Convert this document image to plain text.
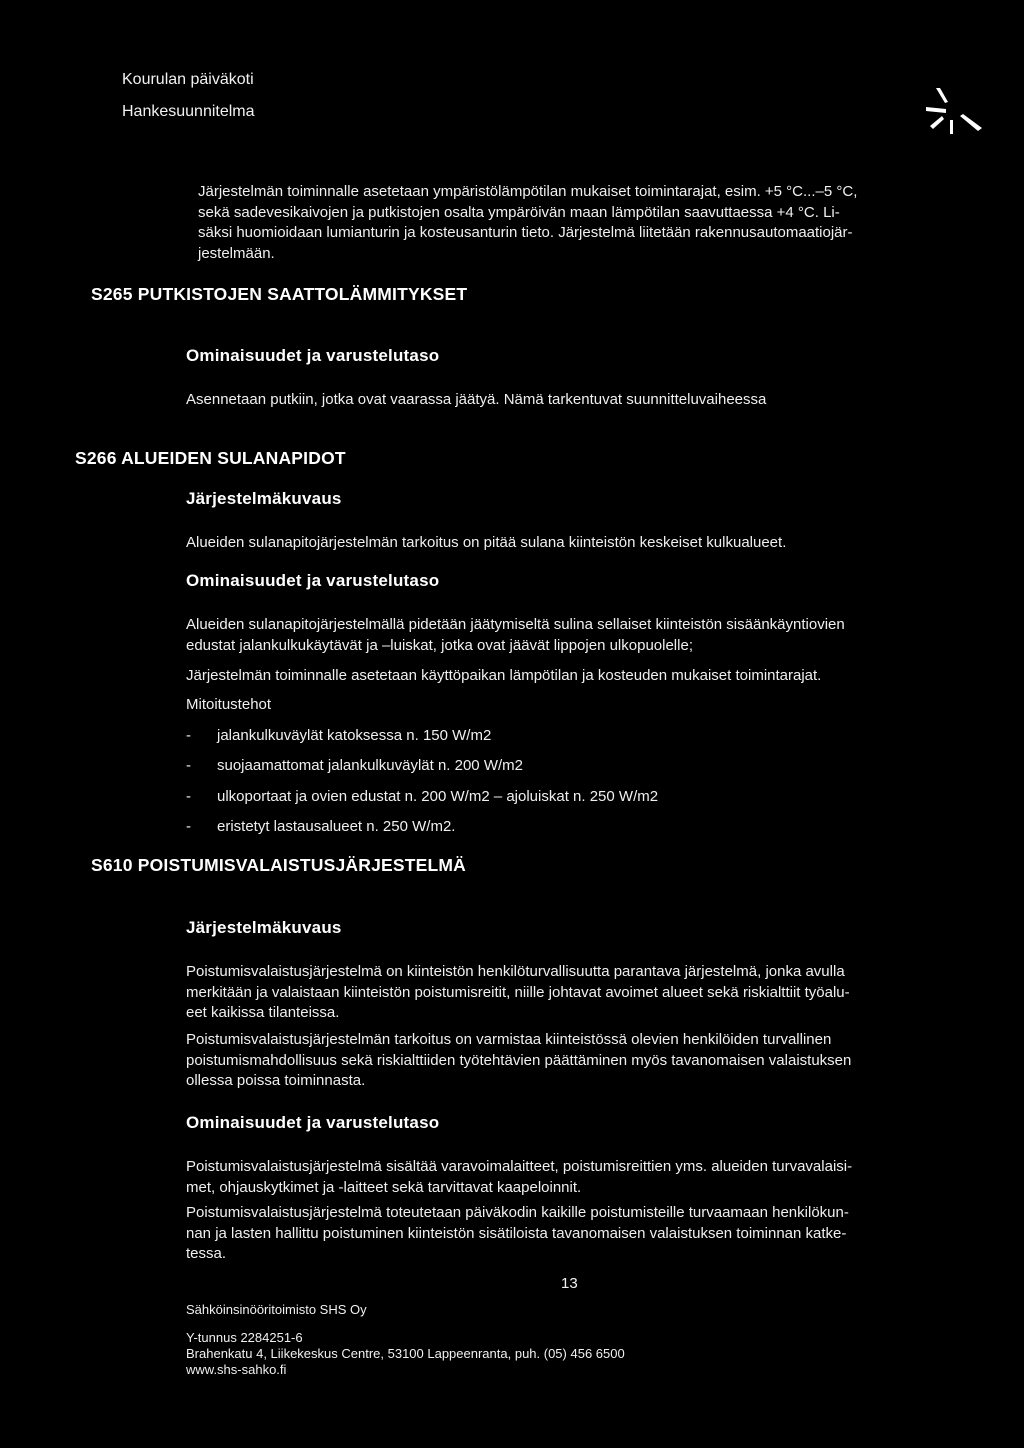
Kourulan päiväkoti
Hankesuunnitelma
Järjestelmän toiminnalle asetetaan ympäristölämpötilan mukaiset toimintarajat, esim. +5 °C...–5 °C,
sekä sadevesikaivojen ja putkistojen osalta ympäröivän maan lämpötilan saavuttaessa +4 °C. Li-
säksi huomioidaan lumianturin ja kosteusanturin tieto. Järjestelmä liitetään rakennusautomaatiojär-
jestelmään.
S265 PUTKISTOJEN SAATTOLÄMMITYKSET
Ominaisuudet ja varustelutaso
Asennetaan putkiin, jotka ovat vaarassa jäätyä. Nämä tarkentuvat suunnitteluvaiheessa
S266 ALUEIDEN SULANAPIDOT
Järjestelmäkuvaus
Alueiden sulanapitojärjestelmän tarkoitus on pitää sulana kiinteistön keskeiset kulkualueet.
Ominaisuudet ja varustelutaso
Alueiden sulanapitojärjestelmällä pidetään jäätymiseltä sulina sellaiset kiinteistön sisäänkäyntiovien
edustat jalankulkukäytävät ja –luiskat, jotka ovat jäävät lippojen ulkopuolelle;
Järjestelmän toiminnalle asetetaan käyttöpaikan lämpötilan ja kosteuden mukaiset toimintarajat.
Mitoitustehot
- jalankulkuväylät katoksessa n. 150 W/m2
- suojaamattomat jalankulkuväylät n. 200 W/m2
- ulkoportaat ja ovien edustat n. 200 W/m2 – ajoluiskat n. 250 W/m2
- eristetyt lastausalueet n. 250 W/m2.
S610 POISTUMISVALAISTUSJÄRJESTELMÄ
Järjestelmäkuvaus
Poistumisvalaistusjärjestelmä on kiinteistön henkilöturvallisuutta parantava järjestelmä, jonka avulla
merkitään ja valaistaan kiinteistön poistumisreitit, niille johtavat avoimet alueet sekä riskialttiit työalu-
eet kaikissa tilanteissa.
Poistumisvalaistusjärjestelmän tarkoitus on varmistaa kiinteistössä olevien henkilöiden turvallinen
poistumismahdollisuus sekä riskialttiiden työtehtävien päättäminen myös tavanomaisen valaistuksen
ollessa poissa toiminnasta.
Ominaisuudet ja varustelutaso
Poistumisvalaistusjärjestelmä sisältää varavoimalaitteet, poistumisreittien yms. alueiden turvavalaisi-
met, ohjauskytkimet ja -laitteet sekä tarvittavat kaapeloinnit.
Poistumisvalaistusjärjestelmä toteutetaan päiväkodin kaikille poistumisteille turvaamaan henkilökun-
nan ja lasten hallittu poistuminen kiinteistön sisätiloista tavanomaisen valaistuksen toiminnan katke-
tessa.
13
Sähköinsinööritoimisto SHS Oy
Y-tunnus 2284251-6
Brahenkatu 4, Liikekeskus Centre, 53100 Lappeenranta, puh. (05) 456 6500
www.shs-sahko.fi
